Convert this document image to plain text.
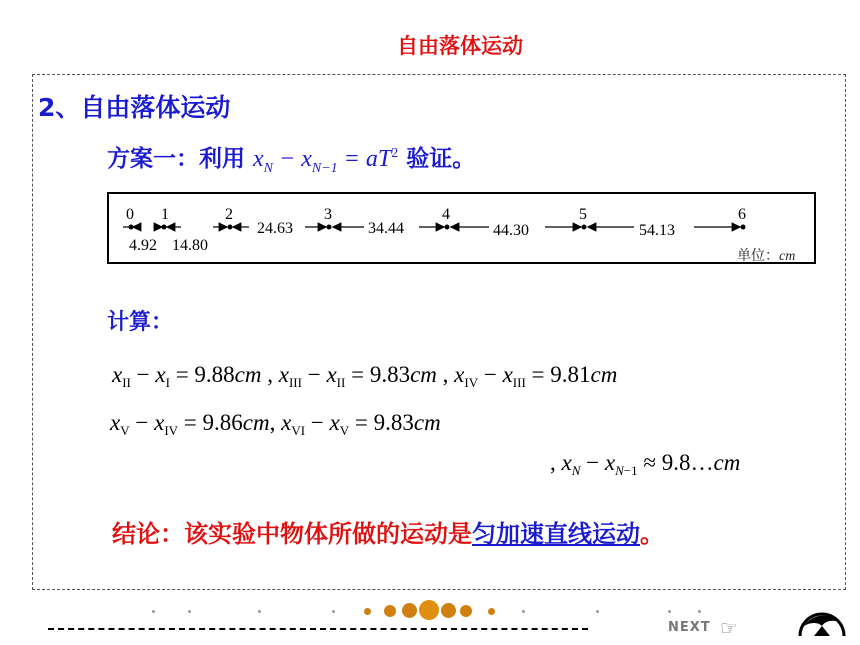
自由落体运动
2、自由落体运动
方案一：利用 $x_N - x_{N-1} = aT^2$ 验证。
0 1	2	3	4	5	6
4.92 14.80
24.63	34.44	44.30	54.13
单位：cm
计算：
$x_{II} - x_I = 9.88cm$ , $x_{III} - x_{II} = 9.83cm$ , $x_{IV} - x_{III} = 9.81cm$
$x_V - x_{IV} = 9.86cm$, $x_{VI} - x_V = 9.83cm$
, $x_N - x_{N-1}$ ≈ 9.8…cm
结论：该实验中物体所做的运动是匀加速直线运动。
NEXT ☞
